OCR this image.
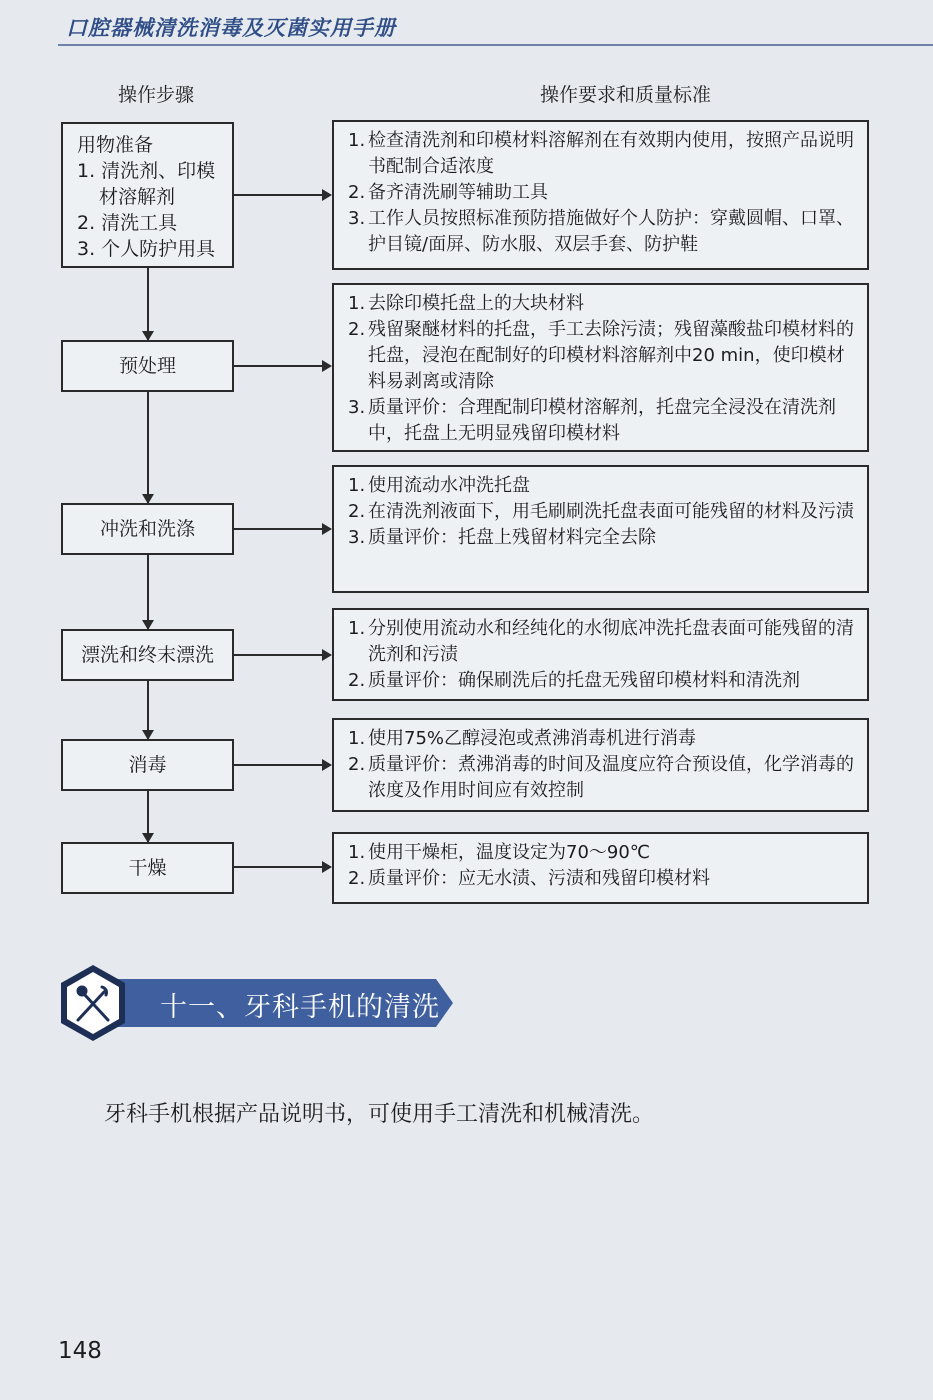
口腔器械清洗消毒及灭菌实用手册
操作步骤	操作要求和质量标准
用物准备
1. 清洗剂、印模
材溶解剂
2. 清洗工具
3. 个人防护用具
1. 检查清洗剂和印模材料溶解剂在有效期内使用，按照产品说明书配制合适浓度
2. 备齐清洗刷等辅助工具
3. 工作人员按照标准预防措施做好个人防护：穿戴圆帽、口罩、护目镜/面屏、防水服、双层手套、防护鞋
预处理
1. 去除印模托盘上的大块材料
2. 残留聚醚材料的托盘，手工去除污渍；残留藻酸盐印模材料的托盘，浸泡在配制好的印模材料溶解剂中20 min，使印模材料易剥离或清除
3. 质量评价：合理配制印模材溶解剂，托盘完全浸没在清洗剂中，托盘上无明显残留印模材料
冲洗和洗涤
1. 使用流动水冲洗托盘
2. 在清洗剂液面下，用毛刷刷洗托盘表面可能残留的材料及污渍
3. 质量评价：托盘上残留材料完全去除
漂洗和终末漂洗
1. 分别使用流动水和经纯化的水彻底冲洗托盘表面可能残留的清洗剂和污渍
2. 质量评价：确保刷洗后的托盘无残留印模材料和清洗剂
消毒
1. 使用75%乙醇浸泡或煮沸消毒机进行消毒
2. 质量评价：煮沸消毒的时间及温度应符合预设值，化学消毒的浓度及作用时间应有效控制
干燥
1. 使用干燥柜，温度设定为70～90℃
2. 质量评价：应无水渍、污渍和残留印模材料
十一、牙科手机的清洗
牙科手机根据产品说明书，可使用手工清洗和机械清洗。
148
